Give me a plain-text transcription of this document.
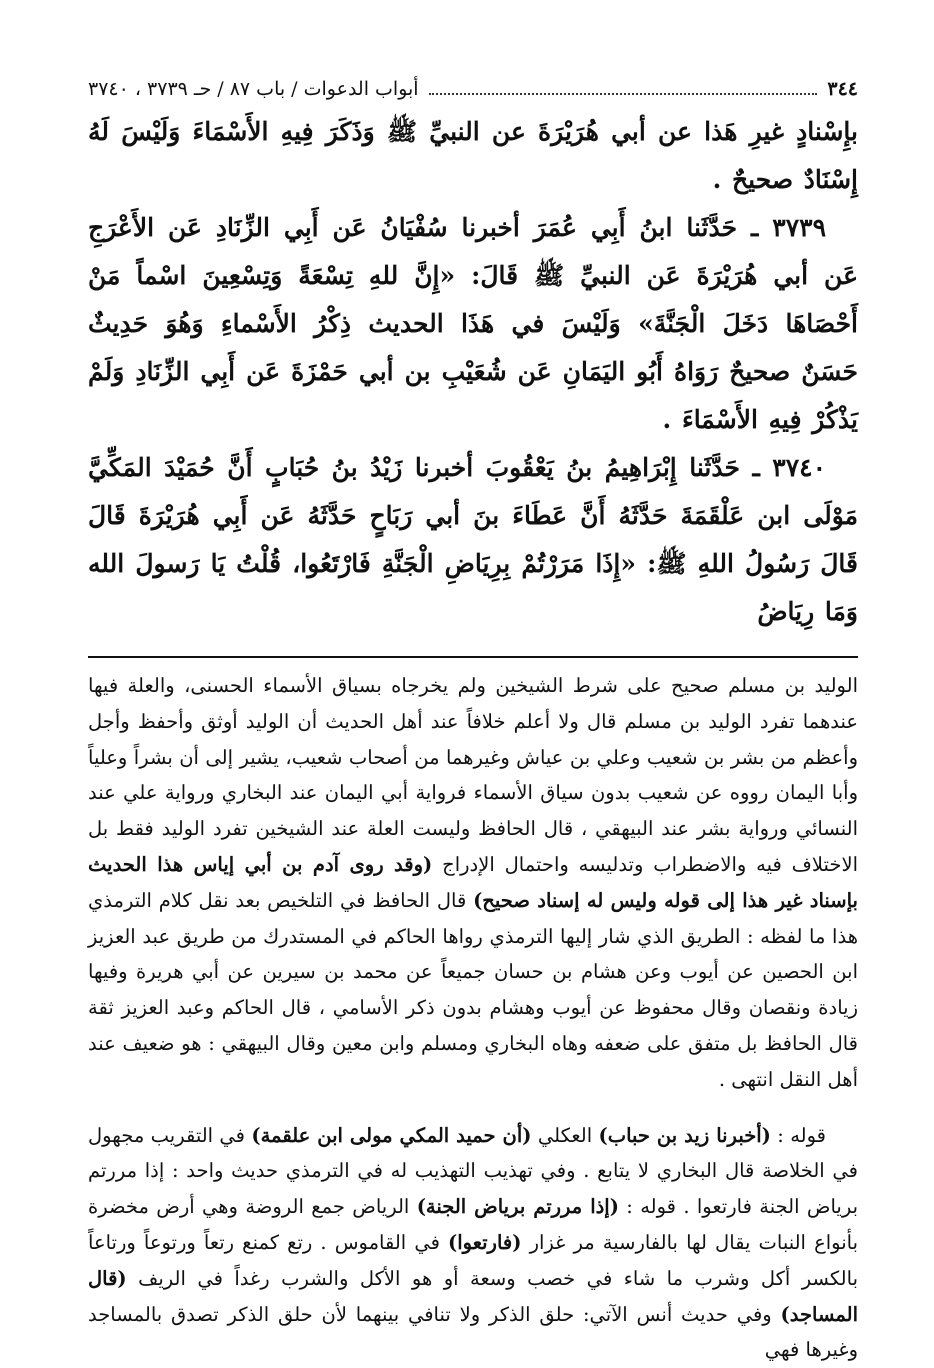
٣٤٤
أبواب الدعوات / باب ٨٧ / حـ ٣٧٣٩ ، ٣٧٤٠

بإِسْنادٍ غيرِ هَذا عن أبي هُرَيْرَةَ عن النبيِّ ﷺ وَذَكَرَ فِيهِ الأَسْمَاءَ وَلَيْسَ لَهُ إِسْنَادٌ صحيحٌ .

٣٧٣٩ ـ حَدَّثَنا ابنُ أَبِي عُمَرَ أخبرنا سُفْيَانُ عَن أَبِي الزِّنَادِ عَن الأَعْرَجِ عَن أبي هُرَيْرَةَ عَن النبيِّ ﷺ قَالَ: «إِنَّ للهِ تِسْعَةً وَتِسْعِينَ اسْماً مَنْ أَحْصَاهَا دَخَلَ الْجَنَّةَ» وَلَيْسَ في هَذَا الحديث ذِكْرُ الأَسْماءِ وَهُوَ حَدِيثٌ حَسَنٌ صحيحٌ رَوَاهُ أَبُو اليَمَانِ عَن شُعَيْبِ بن أبي حَمْزَةَ عَن أَبِي الزِّنَادِ وَلَمْ يَذْكُرْ فِيهِ الأَسْمَاءَ .

٣٧٤٠ ـ حَدَّثَنا إِبْرَاهِيمُ بنُ يَعْقُوبَ أخبرنا زَيْدُ بنُ حُبَابٍ أَنَّ حُمَيْدَ المَكِّيَّ مَوْلَى ابن عَلْقَمَةَ حَدَّثَهُ أَنَّ عَطَاءَ بنَ أبي رَبَاحٍ حَدَّثَهُ عَن أَبِي هُرَيْرَةَ قَالَ قَالَ رَسُولُ اللهِ ﷺ: «إِذَا مَرَرْتُمْ بِرِيَاضِ الْجَنَّةِ فَارْتَعُوا، قُلْتُ يَا رَسولَ الله وَمَا رِيَاضُ

الوليد بن مسلم صحيح على شرط الشيخين ولم يخرجاه بسياق الأسماء الحسنى، والعلة فيها عندهما تفرد الوليد بن مسلم قال ولا أعلم خلافاً عند أهل الحديث أن الوليد أوثق وأحفظ وأجل وأعظم من بشر بن شعيب وعلي بن عياش وغيرهما من أصحاب شعيب، يشير إلى أن بشراً وعلياً وأبا اليمان رووه عن شعيب بدون سياق الأسماء فرواية أبي اليمان عند البخاري ورواية علي عند النسائي ورواية بشر عند البيهقي ، قال الحافظ وليست العلة عند الشيخين تفرد الوليد فقط بل الاختلاف فيه والاضطراب وتدليسه واحتمال الإدراج (وقد روى آدم بن أبي إياس هذا الحديث بإسناد غير هذا إلى قوله وليس له إسناد صحيح) قال الحافظ في التلخيص بعد نقل كلام الترمذي هذا ما لفظه : الطريق الذي شار إليها الترمذي رواها الحاكم في المستدرك من طريق عبد العزيز ابن الحصين عن أيوب وعن هشام بن حسان جميعاً عن محمد بن سيرين عن أبي هريرة وفيها زيادة ونقصان وقال محفوظ عن أيوب وهشام بدون ذكر الأسامي ، قال الحاكم وعبد العزيز ثقة قال الحافظ بل متفق على ضعفه وهاه البخاري ومسلم وابن معين وقال البيهقي : هو ضعيف عند أهل النقل انتهى .

قوله : (أخبرنا زيد بن حباب) العكلي (أن حميد المكي مولى ابن علقمة) في التقريب مجهول في الخلاصة قال البخاري لا يتابع . وفي تهذيب التهذيب له في الترمذي حديث واحد : إذا مررتم برياض الجنة فارتعوا . قوله : (إذا مررتم برياض الجنة) الرياض جمع الروضة وهي أرض مخضرة بأنواع النبات يقال لها بالفارسية مر غزار (فارتعوا) في القاموس . رتع كمنع رتعاً ورتوعاً ورتاعاً بالكسر أكل وشرب ما شاء في خصب وسعة أو هو الأكل والشرب رغداً في الريف (قال المساجد) وفي حديث أنس الآتي: حلق الذكر ولا تنافي بينهما لأن حلق الذكر تصدق بالمساجد وغيرها فهي
